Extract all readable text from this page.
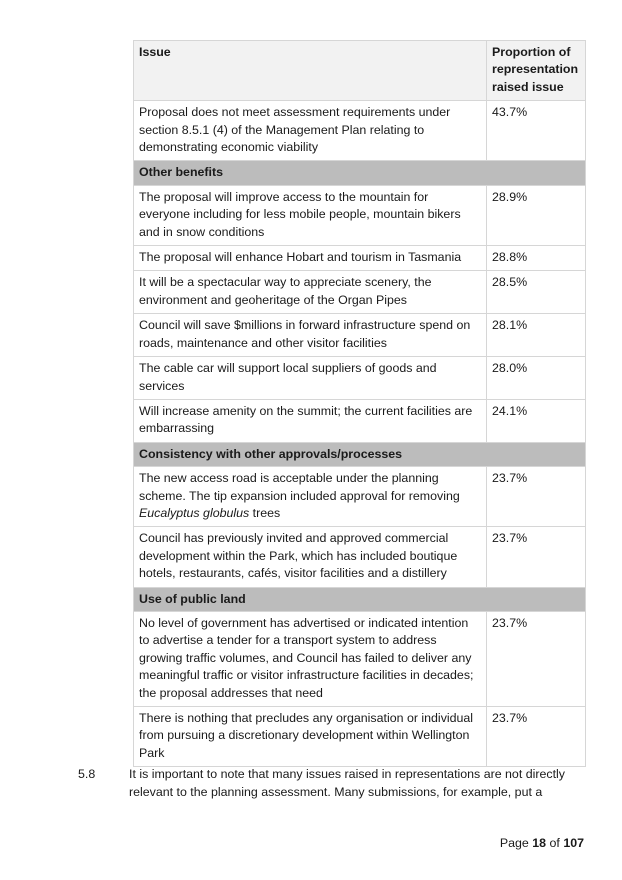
Issue	Proportion of representation raised issue
Proposal does not meet assessment requirements under section 8.5.1 (4) of the Management Plan relating to demonstrating economic viability	43.7%
Other benefits	
The proposal will improve access to the mountain for everyone including for less mobile people, mountain bikers and in snow conditions	28.9%
The proposal will enhance Hobart and tourism in Tasmania	28.8%
It will be a spectacular way to appreciate scenery, the environment and geoheritage of the Organ Pipes	28.5%
Council will save $millions in forward infrastructure spend on roads, maintenance and other visitor facilities	28.1%
The cable car will support local suppliers of goods and services	28.0%
Will increase amenity on the summit; the current facilities are embarrassing	24.1%
Consistency with other approvals/processes	
The new access road is acceptable under the planning scheme. The tip expansion included approval for removing Eucalyptus globulus trees	23.7%
Council has previously invited and approved commercial development within the Park, which has included boutique hotels, restaurants, cafés, visitor facilities and a distillery	23.7%
Use of public land	
No level of government has advertised or indicated intention to advertise a tender for a transport system to address growing traffic volumes, and Council has failed to deliver any meaningful traffic or visitor infrastructure facilities in decades; the proposal addresses that need	23.7%
There is nothing that precludes any organisation or individual from pursuing a discretionary development within Wellington Park	23.7%
5.8	It is important to note that many issues raised in representations are not directly relevant to the planning assessment. Many submissions, for example, put a
Page 18 of 107
